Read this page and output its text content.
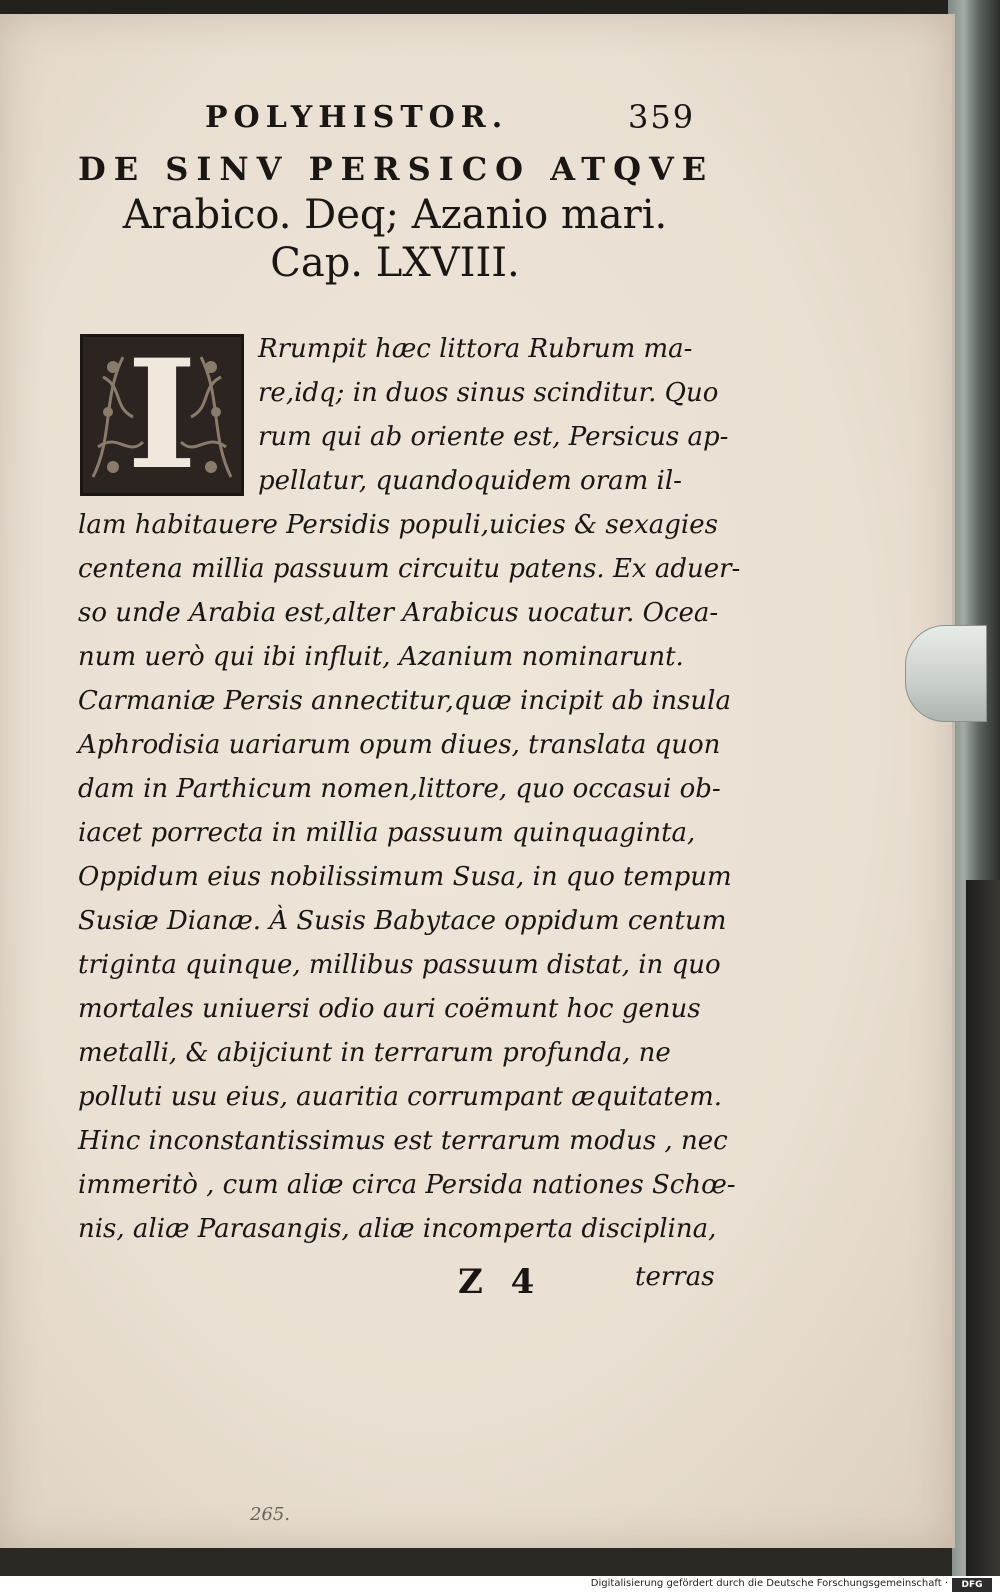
POLYHISTOR.	359
DE SINV PERSICO ATQVE
Arabico. Deq; Azanio mari.
Cap. LXVIII.
I Rrumpit hæc littora Rubrum ma-
re,idq; in duos sinus scinditur. Quo
rum qui ab oriente est, Persicus ap-
pellatur, quandoquidem oram il-
lam habitauere Persidis populi,uicies & sexagies
centena millia passuum circuitu patens. Ex aduer-
so unde Arabia est,alter Arabicus uocatur. Ocea-
num uerò qui ibi influit, Azanium nominarunt.
Carmaniæ Persis annectitur,quæ incipit ab insula
Aphrodisia uariarum opum diues, translata quon
dam in Parthicum nomen,littore, quo occasui ob-
iacet porrecta in millia passuum quinquaginta,
Oppidum eius nobilissimum Susa, in quo tempum
Susiæ Dianæ. À Susis Babytace oppidum centum
triginta quinque, millibus passuum distat, in quo
mortales uniuersi odio auri coëmunt hoc genus
metalli, & abijciunt in terrarum profunda, ne
polluti usu eius, auaritia corrumpant æquitatem.
Hinc inconstantissimus est terrarum modus , nec
immeritò , cum aliæ circa Persida nationes Schœ-
nis, aliæ Parasangis, aliæ incomperta disciplina,
Z 4	terras
265.
Digitalisierung gefördert durch die Deutsche Forschungsgemeinschaft ·	DFG
